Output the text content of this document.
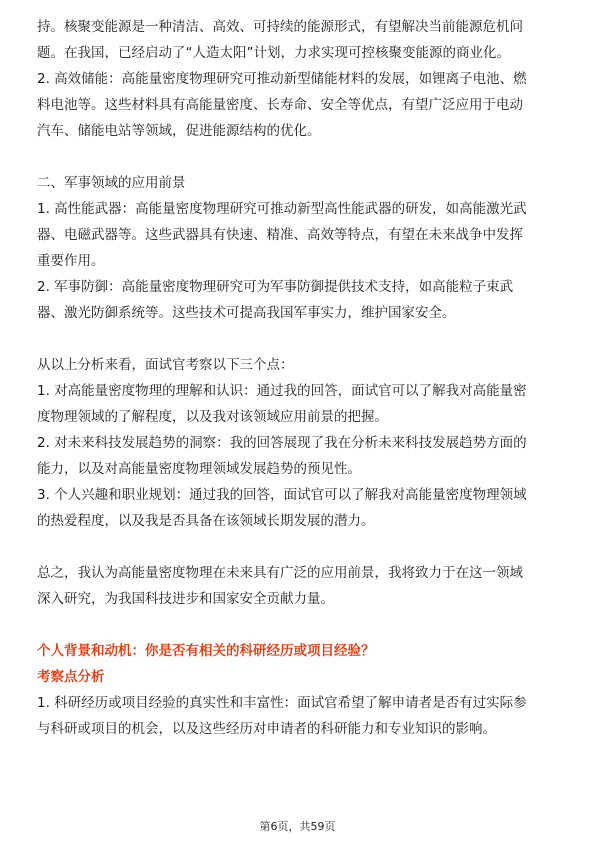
持。核聚变能源是一种清洁、高效、可持续的能源形式，有望解决当前能源危机问
题。在我国，已经启动了“人造太阳”计划，力求实现可控核聚变能源的商业化。
2. 高效储能：高能量密度物理研究可推动新型储能材料的发展，如锂离子电池、燃
料电池等。这些材料具有高能量密度、长寿命、安全等优点，有望广泛应用于电动
汽车、储能电站等领域，促进能源结构的优化。
二、军事领域的应用前景
1. 高性能武器：高能量密度物理研究可推动新型高性能武器的研发，如高能激光武
器、电磁武器等。这些武器具有快速、精准、高效等特点，有望在未来战争中发挥
重要作用。
2. 军事防御：高能量密度物理研究可为军事防御提供技术支持，如高能粒子束武
器、激光防御系统等。这些技术可提高我国军事实力，维护国家安全。
从以上分析来看，面试官考察以下三个点：
1. 对高能量密度物理的理解和认识：通过我的回答，面试官可以了解我对高能量密
度物理领域的了解程度，以及我对该领域应用前景的把握。
2. 对未来科技发展趋势的洞察：我的回答展现了我在分析未来科技发展趋势方面的
能力，以及对高能量密度物理领域发展趋势的预见性。
3. 个人兴趣和职业规划：通过我的回答，面试官可以了解我对高能量密度物理领域
的热爱程度，以及我是否具备在该领域长期发展的潜力。
总之，我认为高能量密度物理在未来具有广泛的应用前景，我将致力于在这一领域
深入研究，为我国科技进步和国家安全贡献力量。
个人背景和动机：你是否有相关的科研经历或项目经验？
考察点分析
1. 科研经历或项目经验的真实性和丰富性：面试官希望了解申请者是否有过实际参
与科研或项目的机会，以及这些经历对申请者的科研能力和专业知识的影响。
第6页，共59页
